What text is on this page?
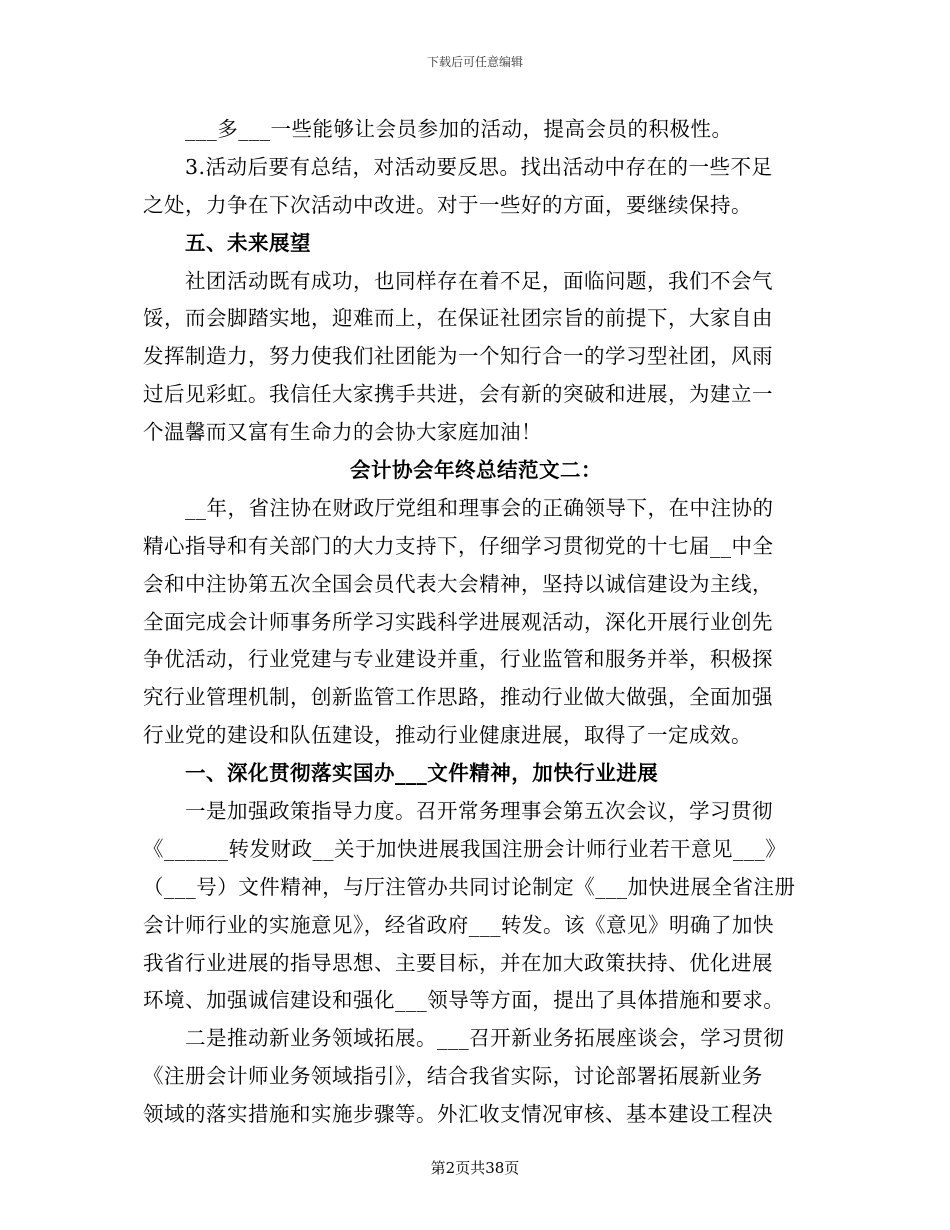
下载后可任意编辑
___多___一些能够让会员参加的活动，提高会员的积极性。
3.活动后要有总结，对活动要反思。找出活动中存在的一些不足
之处，力争在下次活动中改进。对于一些好的方面，要继续保持。
五、未来展望
社团活动既有成功，也同样存在着不足，面临问题，我们不会气
馁，而会脚踏实地，迎难而上，在保证社团宗旨的前提下，大家自由
发挥制造力，努力使我们社团能为一个知行合一的学习型社团，风雨
过后见彩虹。我信任大家携手共进，会有新的突破和进展，为建立一
个温馨而又富有生命力的会协大家庭加油！
会计协会年终总结范文二：
__年，省注协在财政厅党组和理事会的正确领导下，在中注协的
精心指导和有关部门的大力支持下，仔细学习贯彻党的十七届__中全
会和中注协第五次全国会员代表大会精神，坚持以诚信建设为主线，
全面完成会计师事务所学习实践科学进展观活动，深化开展行业创先
争优活动，行业党建与专业建设并重，行业监管和服务并举，积极探
究行业管理机制，创新监管工作思路，推动行业做大做强，全面加强
行业党的建设和队伍建设，推动行业健康进展，取得了一定成效。
一、深化贯彻落实国办___文件精神，加快行业进展
一是加强政策指导力度。召开常务理事会第五次会议，学习贯彻
《______转发财政__关于加快进展我国注册会计师行业若干意见___》
（___号）文件精神，与厅注管办共同讨论制定《___加快进展全省注册
会计师行业的实施意见》，经省政府___转发。该《意见》明确了加快
我省行业进展的指导思想、主要目标，并在加大政策扶持、优化进展
环境、加强诚信建设和强化___领导等方面，提出了具体措施和要求。
二是推动新业务领域拓展。___召开新业务拓展座谈会，学习贯彻
《注册会计师业务领域指引》，结合我省实际，讨论部署拓展新业务
领域的落实措施和实施步骤等。外汇收支情况审核、基本建设工程决
第2页共38页
